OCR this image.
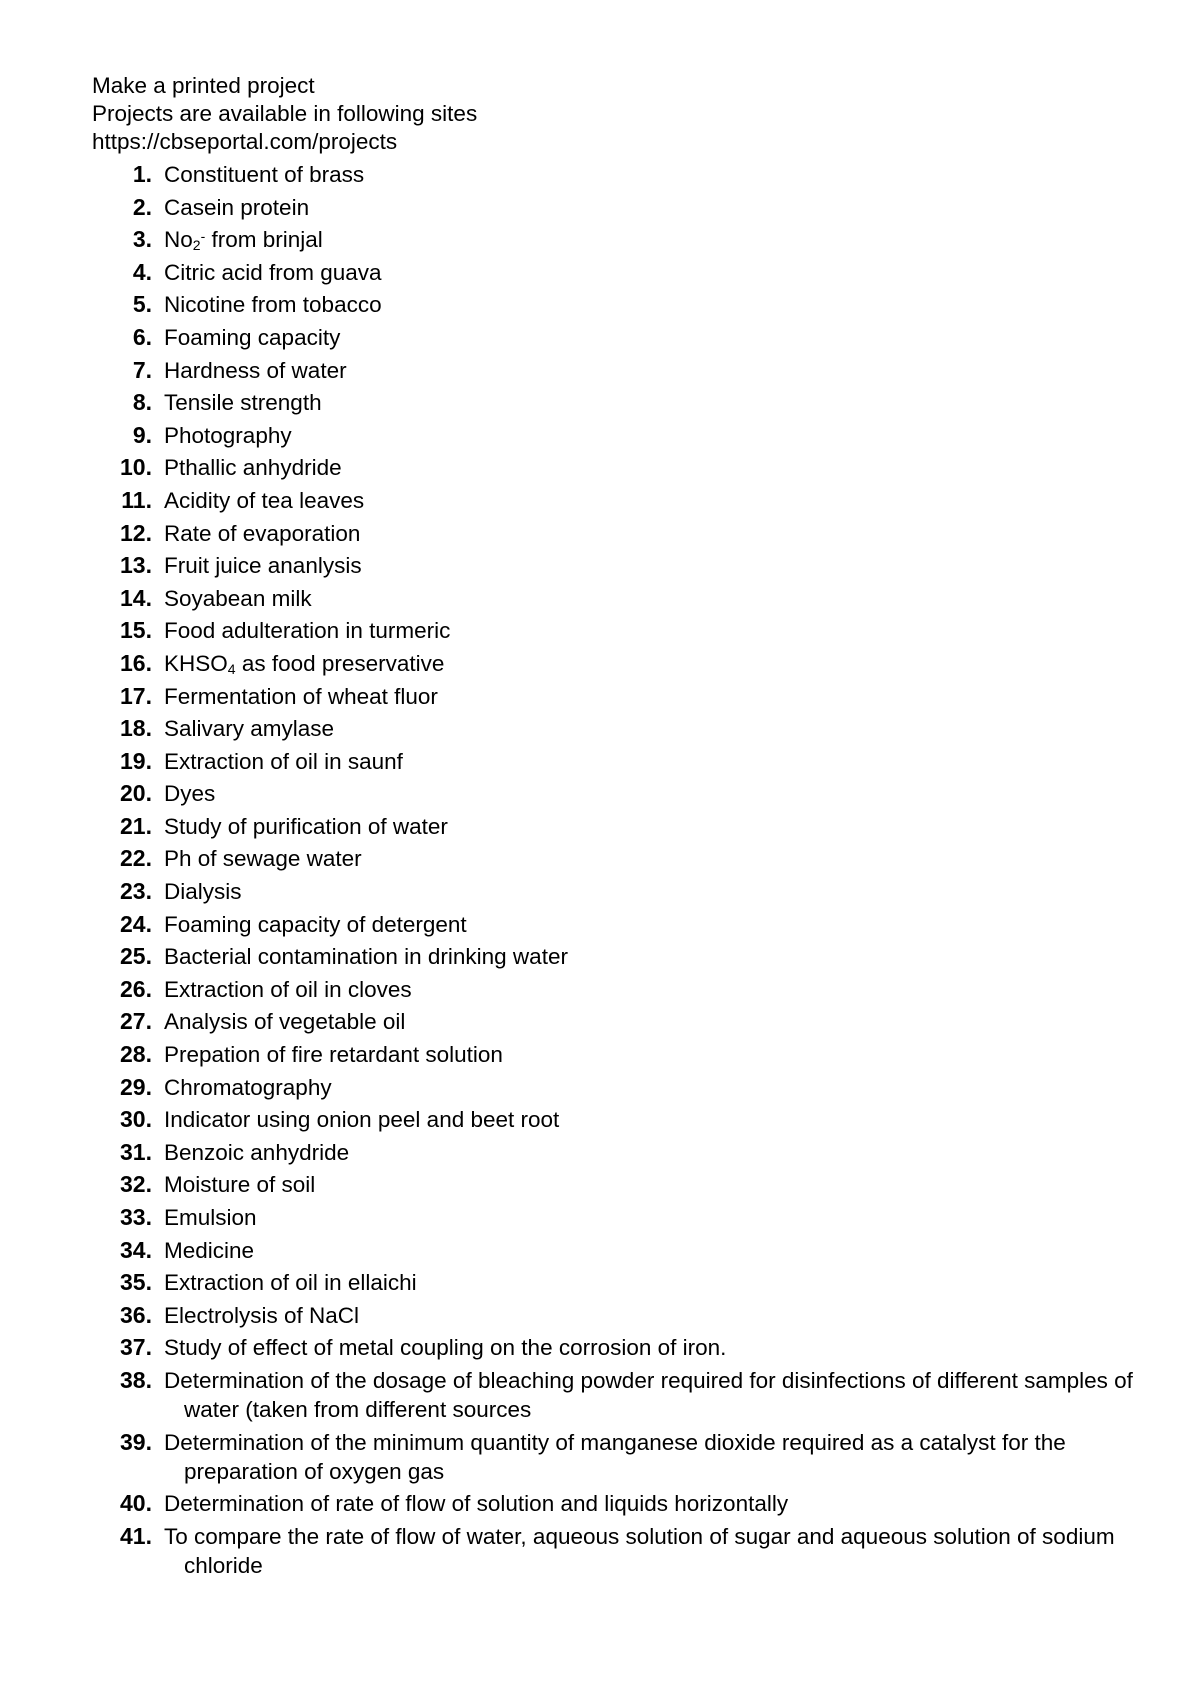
Make a printed project
Projects are available in following sites
https://cbseportal.com/projects
1. Constituent of brass
2. Casein protein
3. $No_2^-$ from brinjal
4. Citric acid from guava
5. Nicotine from tobacco
6. Foaming capacity
7. Hardness of water
8. Tensile strength
9. Photography
10. Pthallic anhydride
11. Acidity of tea leaves
12. Rate of evaporation
13. Fruit juice ananlysis
14. Soyabean milk
15. Food adulteration in turmeric
16. $KHSO_4$ as food preservative
17. Fermentation of wheat fluor
18. Salivary amylase
19. Extraction of oil in saunf
20. Dyes
21. Study of purification of water
22. Ph of sewage water
23. Dialysis
24. Foaming capacity of detergent
25. Bacterial contamination in drinking water
26. Extraction of oil in cloves
27. Analysis of vegetable oil
28. Prepation of fire retardant solution
29. Chromatography
30. Indicator using onion peel and beet root
31. Benzoic anhydride
32. Moisture of soil
33. Emulsion
34. Medicine
35. Extraction of oil in ellaichi
36. Electrolysis of NaCl
37. Study of effect of metal coupling on the corrosion of iron.
38. Determination of the dosage of bleaching powder required for disinfections of different samples of water (taken from different sources
39. Determination of the minimum quantity of manganese dioxide required as a catalyst for the preparation of oxygen gas
40. Determination of rate of flow of solution and liquids horizontally
41. To compare the rate of flow of water, aqueous solution of sugar and aqueous solution of sodium chloride
